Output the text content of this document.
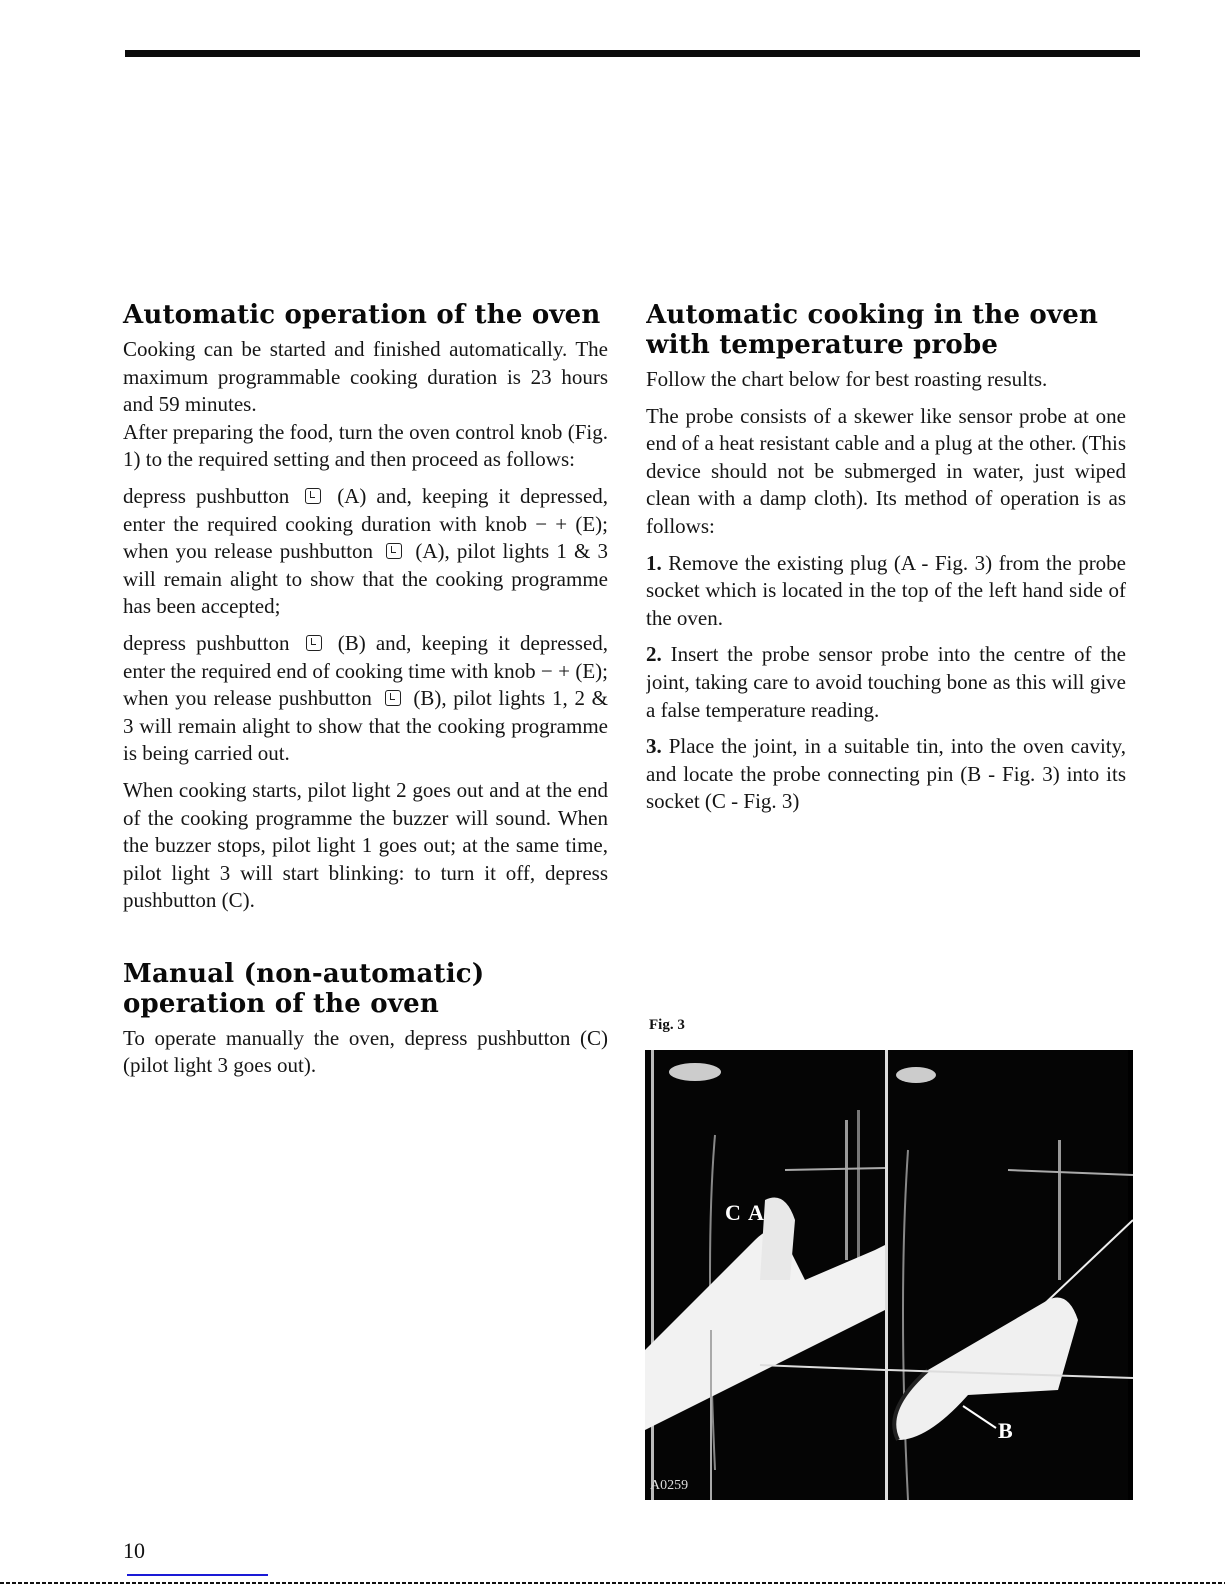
Automatic operation of the oven

Cooking can be started and finished automatically. The maximum programmable cooking duration is 23 hours and 59 minutes.

After preparing the food, turn the oven control knob (Fig. 1) to the required setting and then proceed as follows:

depress pushbutton (A) and, keeping it depressed, enter the required cooking duration with knob − + (E); when you release pushbutton (A), pilot lights 1 & 3 will remain alight to show that the cooking programme has been accepted;

depress pushbutton (B) and, keeping it depressed, enter the required end of cooking time with knob − + (E); when you release pushbutton (B), pilot lights 1, 2 & 3 will remain alight to show that the cooking programme is being carried out.

When cooking starts, pilot light 2 goes out and at the end of the cooking programme the buzzer will sound. When the buzzer stops, pilot light 1 goes out; at the same time, pilot light 3 will start blinking: to turn it off, depress pushbutton (C).

Manual (non-automatic) operation of the oven

To operate manually the oven, depress pushbutton (C) (pilot light 3 goes out).

Automatic cooking in the oven with temperature probe

Follow the chart below for best roasting results.

The probe consists of a skewer like sensor probe at one end of a heat resistant cable and a plug at the other. (This device should not be submerged in water, just wiped clean with a damp cloth). Its method of operation is as follows:

1. Remove the existing plug (A - Fig. 3) from the probe socket which is located in the top of the left hand side of the oven.

2. Insert the probe sensor probe into the centre of the joint, taking care to avoid touching bone as this will give a false temperature reading.

3. Place the joint, in a suitable tin, into the oven cavity, and locate the probe connecting pin (B - Fig. 3) into its socket (C - Fig. 3)

Fig. 3
C A
A0259
B
10
